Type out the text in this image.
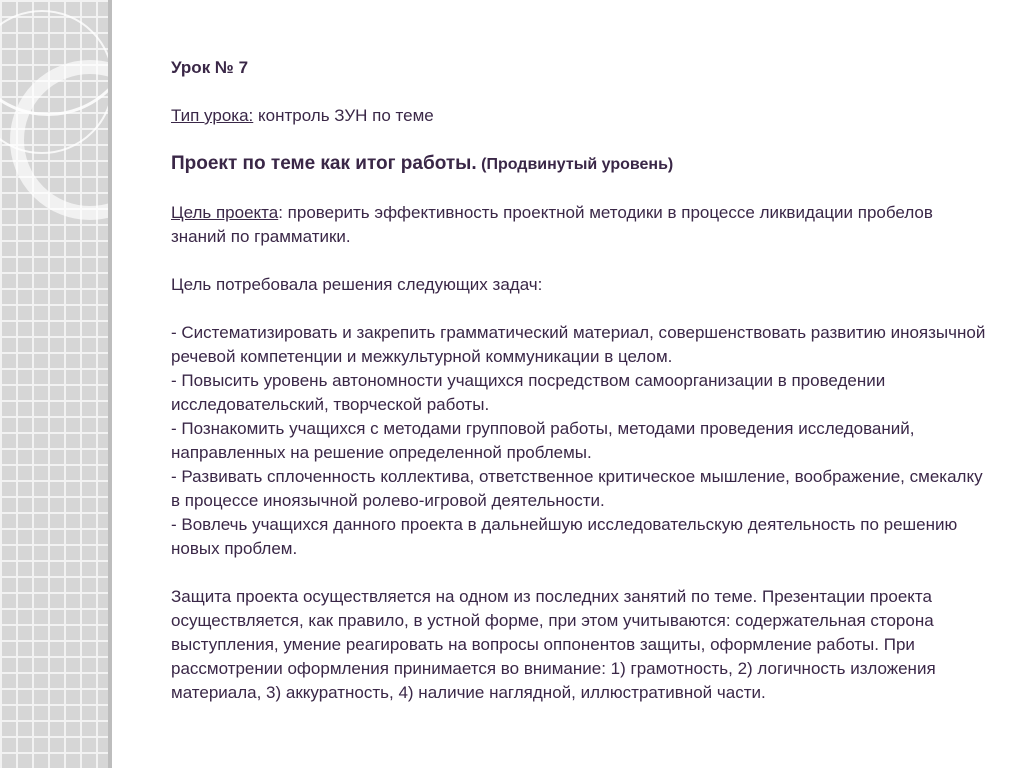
Урок № 7

Тип урока: контроль ЗУН по теме

Проект по теме как итог работы. (Продвинутый уровень)

Цель проекта: проверить эффективность проектной методики в процессе ликвидации пробелов знаний по грамматики.

Цель потребовала решения следующих задач:

- Систематизировать и закрепить грамматический материал, совершенствовать развитию иноязычной речевой компетенции и межкультурной коммуникации в целом.

- Повысить уровень автономности учащихся посредством самоорганизации в проведении исследовательский, творческой работы.

- Познакомить учащихся с методами групповой работы, методами проведения исследований, направленных на решение определенной проблемы.

- Развивать сплоченность коллектива, ответственное критическое мышление, воображение, смекалку в процессе иноязычной ролево-игровой деятельности.

- Вовлечь учащихся данного проекта в дальнейшую исследовательскую деятельность по решению новых проблем.

Защита проекта осуществляется на одном из последних занятий по теме. Презентации проекта осуществляется, как правило, в устной форме, при этом учитываются: содержательная сторона выступления, умение реагировать на вопросы оппонентов защиты, оформление работы. При рассмотрении оформления принимается во внимание: 1) грамотность, 2) логичность изложения материала, 3) аккуратность, 4) наличие наглядной, иллюстративной части.
